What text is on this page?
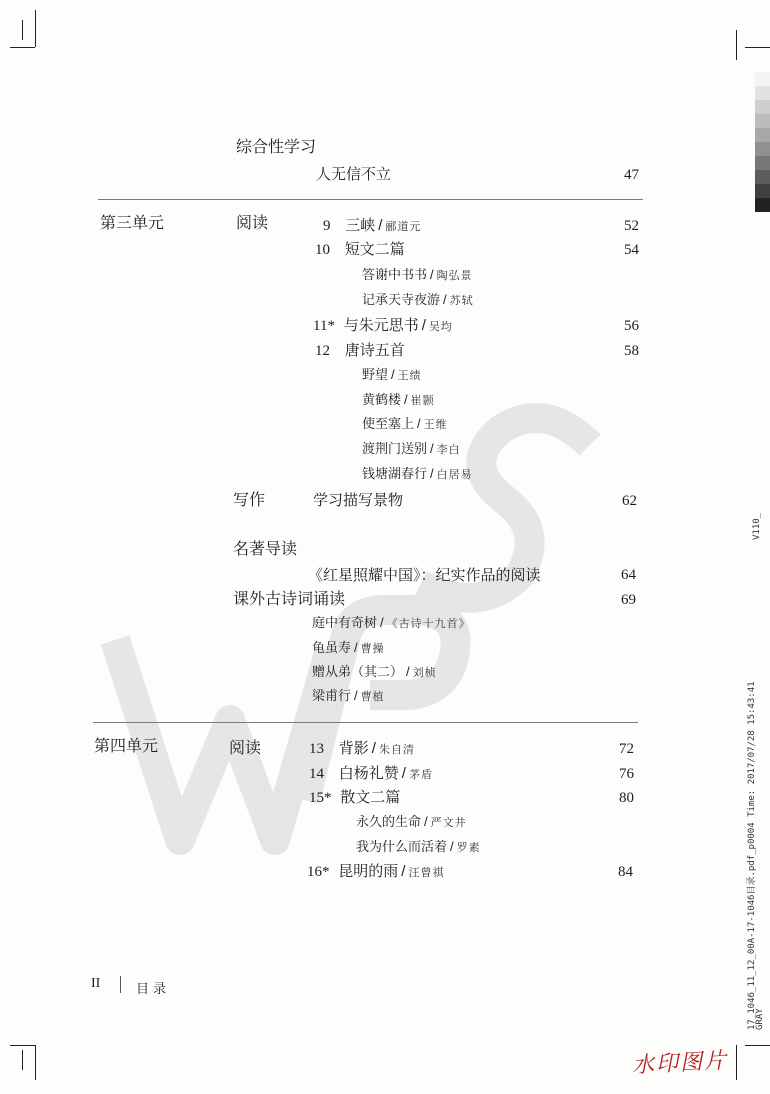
V110_
17_1046_11_12_00A-17-1046目录.pdf_p0004 Time: 2017/07/28 15:43:41
GRAY
综合性学习
人无信不立	47
第三单元	阅读	9 三峡 / 郦道元	52
10 短文二篇	54
答谢中书书 / 陶弘景
记承天寺夜游 / 苏轼
11* 与朱元思书 / 吴均	56
12 唐诗五首	58
野望 / 王绩
黄鹤楼 / 崔颢
使至塞上 / 王维
渡荆门送别 / 李白
钱塘湖春行 / 白居易
写作	学习描写景物	62
名著导读
《红星照耀中国》：纪实作品的阅读	64
课外古诗词诵读	69
庭中有奇树 / 《古诗十九首》
龟虽寿 / 曹操
赠从弟（其二） / 刘桢
梁甫行 / 曹植
第四单元	阅读	13 背影 / 朱自清	72
14 白杨礼赞 / 茅盾	76
15* 散文二篇	80
永久的生命 / 严文井
我为什么而活着 / 罗素
16* 昆明的雨 / 汪曾祺	84
II	目 录
水印图片
